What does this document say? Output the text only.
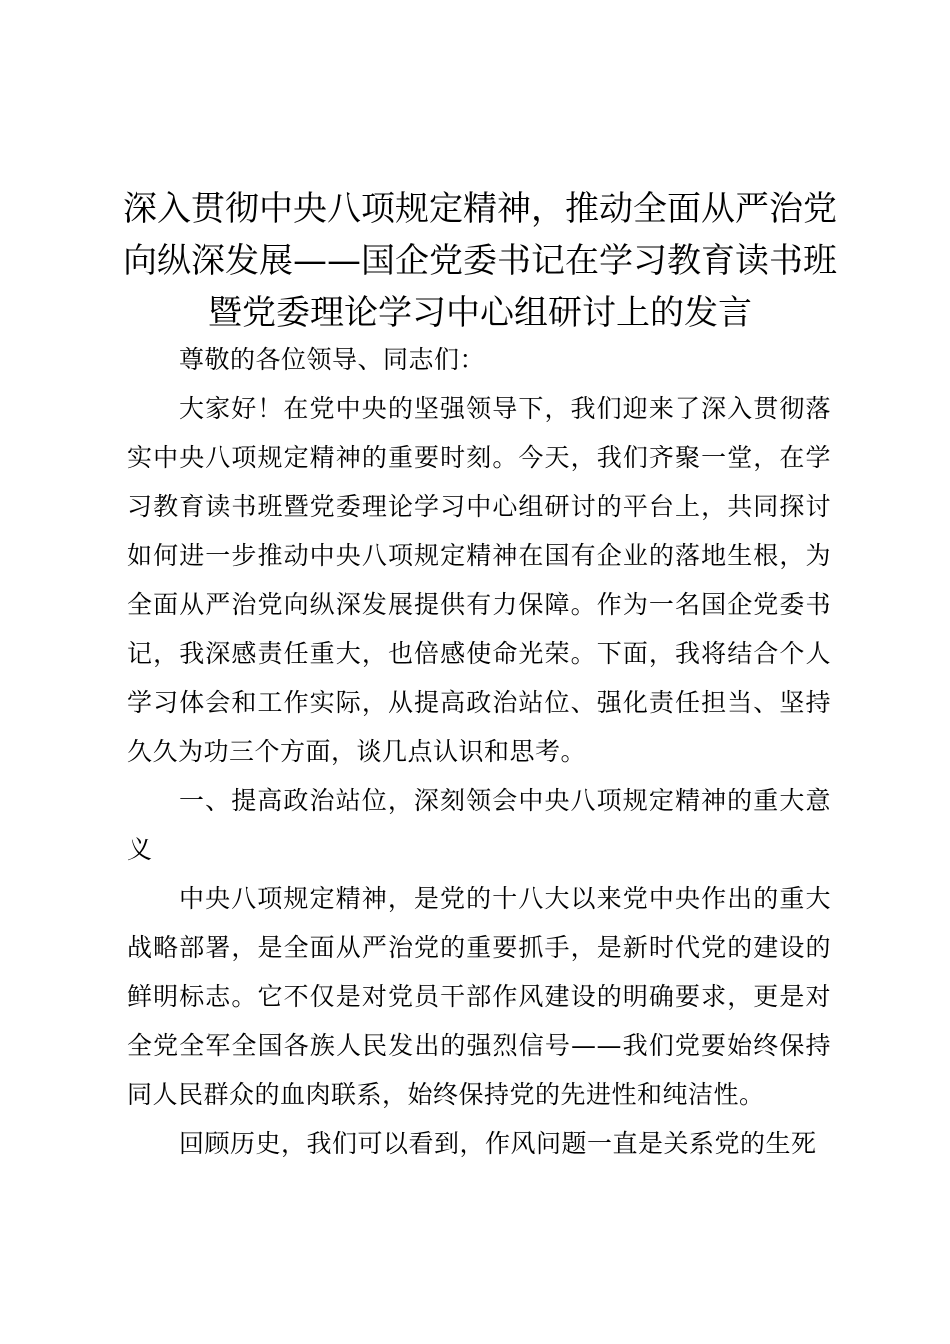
深入贯彻中央八项规定精神，推动全面从严治党向纵深发展——国企党委书记在学习教育读书班暨党委理论学习中心组研讨上的发言

尊敬的各位领导、同志们：

大家好！在党中央的坚强领导下，我们迎来了深入贯彻落实中央八项规定精神的重要时刻。今天，我们齐聚一堂，在学习教育读书班暨党委理论学习中心组研讨的平台上，共同探讨如何进一步推动中央八项规定精神在国有企业的落地生根，为全面从严治党向纵深发展提供有力保障。作为一名国企党委书记，我深感责任重大，也倍感使命光荣。下面，我将结合个人学习体会和工作实际，从提高政治站位、强化责任担当、坚持久久为功三个方面，谈几点认识和思考。

一、提高政治站位，深刻领会中央八项规定精神的重大意义

中央八项规定精神，是党的十八大以来党中央作出的重大战略部署，是全面从严治党的重要抓手，是新时代党的建设的鲜明标志。它不仅是对党员干部作风建设的明确要求，更是对全党全军全国各族人民发出的强烈信号——我们党要始终保持同人民群众的血肉联系，始终保持党的先进性和纯洁性。

回顾历史，我们可以看到，作风问题一直是关系党的生死
